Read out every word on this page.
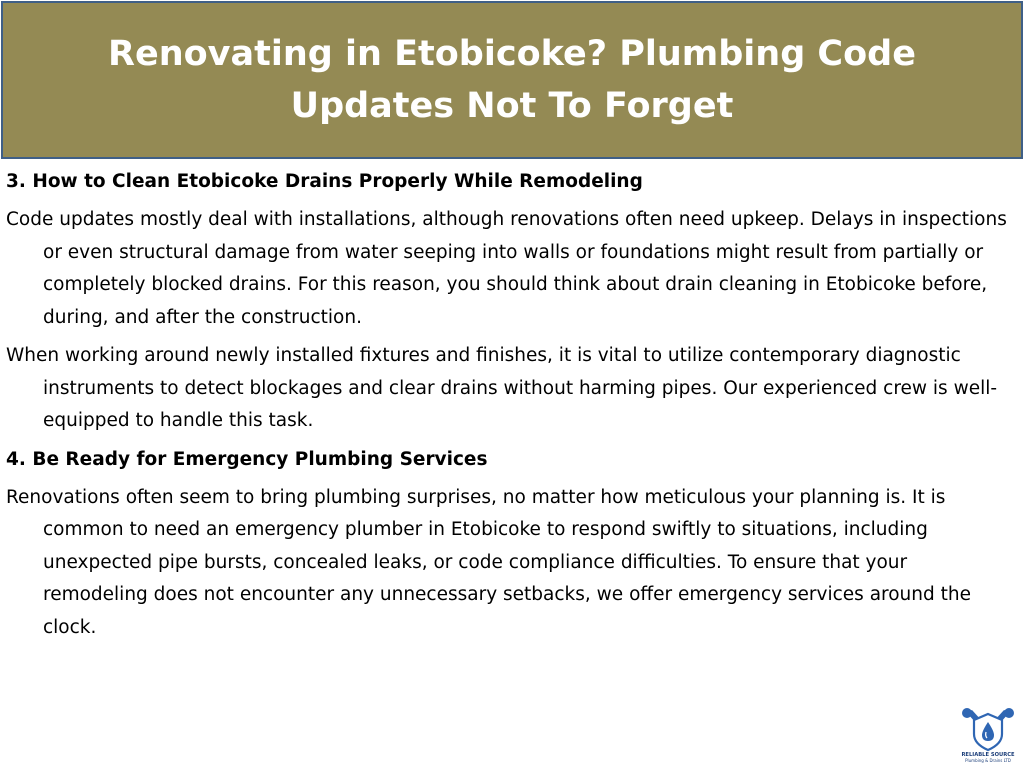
Renovating in Etobicoke? Plumbing Code Updates Not To Forget
3. How to Clean Etobicoke Drains Properly While Remodeling
Code updates mostly deal with installations, although renovations often need upkeep. Delays in inspections or even structural damage from water seeping into walls or foundations might result from partially or completely blocked drains. For this reason, you should think about drain cleaning in Etobicoke before, during, and after the construction.
When working around newly installed fixtures and finishes, it is vital to utilize contemporary diagnostic instruments to detect blockages and clear drains without harming pipes. Our experienced crew is well-equipped to handle this task.
4. Be Ready for Emergency Plumbing Services
Renovations often seem to bring plumbing surprises, no matter how meticulous your planning is. It is common to need an emergency plumber in Etobicoke to respond swiftly to situations, including unexpected pipe bursts, concealed leaks, or code compliance difficulties. To ensure that your remodeling does not encounter any unnecessary setbacks, we offer emergency services around the clock.
RELIABLE SOURCE
Plumbing & Drains LTD
